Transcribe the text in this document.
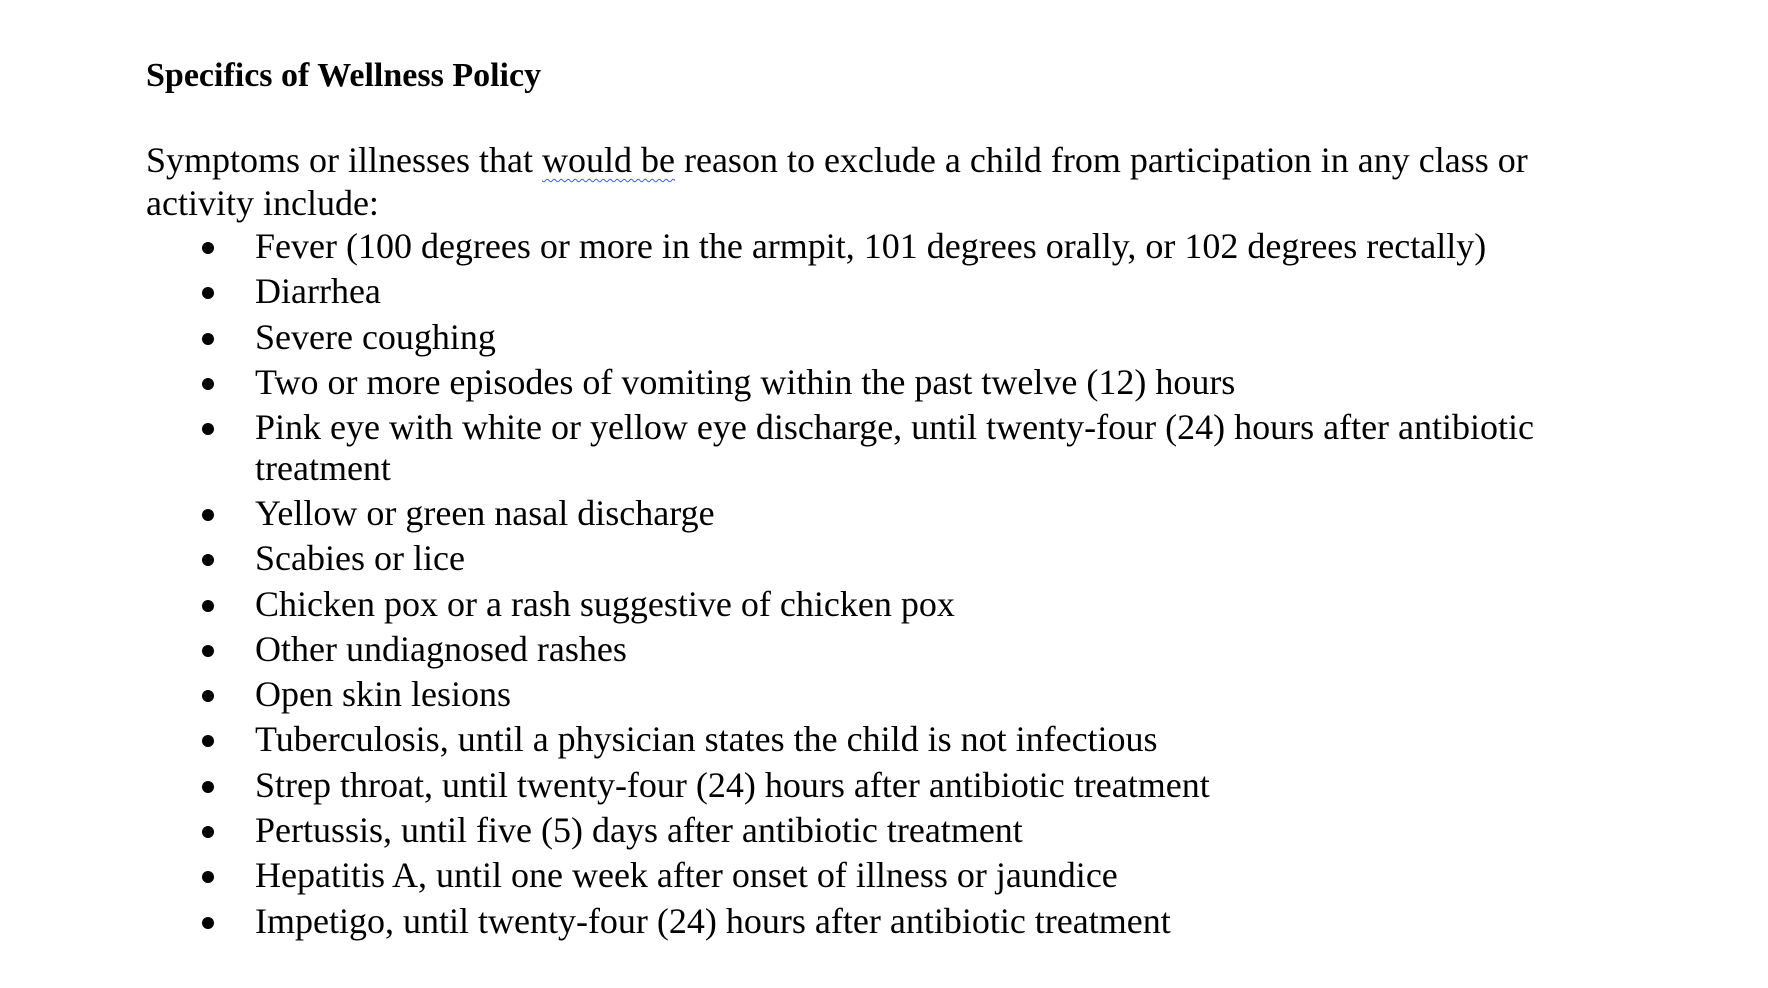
Specifics of Wellness Policy

Symptoms or illnesses that would be reason to exclude a child from participation in any class or activity include:

Fever (100 degrees or more in the armpit, 101 degrees orally, or 102 degrees rectally)
Diarrhea
Severe coughing
Two or more episodes of vomiting within the past twelve (12) hours
Pink eye with white or yellow eye discharge, until twenty-four (24) hours after antibiotic treatment
Yellow or green nasal discharge
Scabies or lice
Chicken pox or a rash suggestive of chicken pox
Other undiagnosed rashes
Open skin lesions
Tuberculosis, until a physician states the child is not infectious
Strep throat, until twenty-four (24) hours after antibiotic treatment
Pertussis, until five (5) days after antibiotic treatment
Hepatitis A, until one week after onset of illness or jaundice
Impetigo, until twenty-four (24) hours after antibiotic treatment
